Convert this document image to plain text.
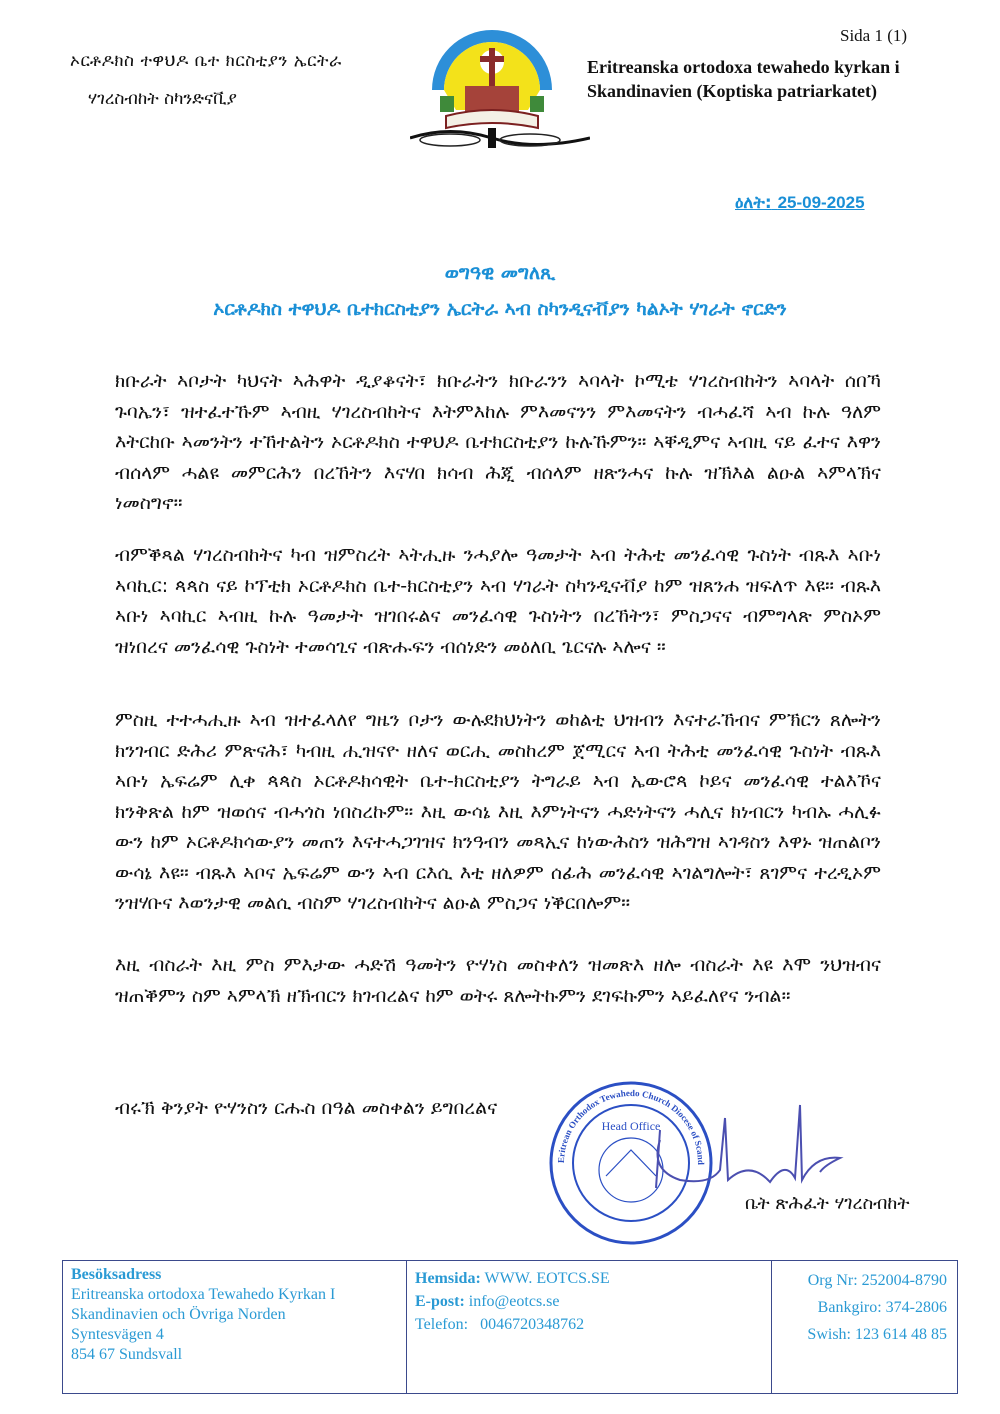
ኦርቶዶክስ ተዋህዶ ቤተ ክርስቲያን ኤርትራ
ሃገረስብከት ስካንድናቪያ
Sida 1 (1)
Eritreanska ortodoxa tewahedo kyrkan i
Skandinavien (Koptiska patriarkatet)
ዕለት: 25-09-2025
ወግዓዊ መግለጺ
ኦርቶዶክስ ተዋህዶ ቤተክርስቲያን ኤርትራ ኣብ ስካንዲናቭያን ካልኦት ሃገራት ኖርድን
ክቡራት ኣቦታት ካህናት ኣሕዋት ዲያቆናት፣ ክቡራትን ክቡራንን ኣባላት ኮሚቴ ሃገረስብከትን ኣባላት ሰበኻ ጉባኤን፣ ዝተፈተኹም ኣብዚ ሃገረስብከትና እትምእከሉ ምእመናንን ምእመናትን ብሓፈሻ ኣብ ኩሉ ዓለም እትርከቡ ኣመንትን ተኸተልትን ኦርቶዶክስ ተዋህዶ ቤተክርስቲያን ኩሉኹምን። ኣቐዲምና ኣብዚ ናይ ፈተና እዋን ብሰላም ሓልዩ መምርሕን በረኸትን እናሃበ ክሳብ ሕጂ ብሰላም ዘጽንሓና ኩሉ ዝኽእል ልዑል ኣምላኽና ነመስግኖ።
ብምቕጻል ሃገረስብከትና ካብ ዝምስረት ኣትሒዙ ንሓያሎ ዓመታት ኣብ ትሕቲ መንፈሳዊ ጉስነት ብጹእ ኣቡነ ኣባኪር: ጳጳስ ናይ ኮፕቲክ ኦርቶዶክስ ቤተ-ክርስቲያን ኣብ ሃገራት ስካንዲናቭያ ከም ዝጸንሐ ዝፍለጥ እዩ። ብጹእ ኣቡነ ኣባኪር ኣብዚ ኩሉ ዓመታት ዝገበሩልና መንፈሳዊ ጉስነትን በረኸትን፣ ምስጋናና ብምግላጽ ምስኦም ዝነበረና መንፈሳዊ ጉስነት ተመሳጊና ብጽሑፍን ብሰነድን መዕለቢ ጌርናሉ ኣሎና ።
ምስዚ ተተሓሒዙ ኣብ ዝተፈላለየ ግዜን ቦታን ውሉደክህነትን ወከልቲ ህዝብን እናተራኸብና ምኽርን ጸሎትን ክንገብር ድሕሪ ምጽናሕ፣ ካብዚ ሒዝናዮ ዘለና ወርሒ መስከረም ጀሚርና ኣብ ትሕቲ መንፈሳዊ ጉስነት ብጹእ ኣቡነ ኤፍሬም ሊቀ ጳጳስ ኦርቶዶክሳዊት ቤተ-ክርስቲያን ትግራይ ኣብ ኤውሮጳ ኮይና መንፈሳዊ ተልእኾና ክንቅጽል ከም ዝወሰና ብሓጎስ ነበስረኩም። እዚ ውሳኔ እዚ እምነትናን ሓድነትናን ሓሊና ክነብርን ካብኡ ሓሊፉ ውን ከም ኦርቶዶክሳውያን መጠን እናተሓጋገዝና ክንዓብን መጻኢና ከነውሕስን ዝሕግዝ ኣገዳስን እዋኑ ዝጠልቦን ውሳኔ እዩ። ብጹእ ኣቦና ኤፍሬም ውን ኣብ ርእሲ እቲ ዘለዎም ሰፊሕ መንፈሳዊ ኣገልግሎት፣ ጸገምና ተረዲኦም ንዝሃቡና እወንታዊ መልሲ ብስም ሃገረስብከትና ልዑል ምስጋና ነቕርበሎም።
እዚ ብስራት እዚ ምስ ምእታው ሓድሽ ዓመትን ዮሃነስ መስቀለን ዝመጽእ ዘሎ ብስራት እዩ እሞ ንህዝብና ዝጠቕምን ስም ኣምላኽ ዘኽብርን ክገብረልና ከም ወትሩ ጸሎትኩምን ደገፍኩምን ኣይፈለየና ንብል።
ብሩኽ ቅንያት ዮሃንስን ርሑስ በዓል መስቀልን ይግበረልና
Head Office
Eritrean Orthodox Tewahedo Church Diocese of Scand
ቤት ጽሕፈት ሃገረስብከት
Besöksadress
Eritreanska ortodoxa Tewahedo Kyrkan I
Skandinavien och Övriga Norden
Syntesvägen 4
854 67 Sundsvall
Hemsida: WWW. EOTCS.SE
E-post: info@eotcs.se
Telefon: 0046720348762
Org Nr: 252004-8790
Bankgiro: 374-2806
Swish: 123 614 48 85
